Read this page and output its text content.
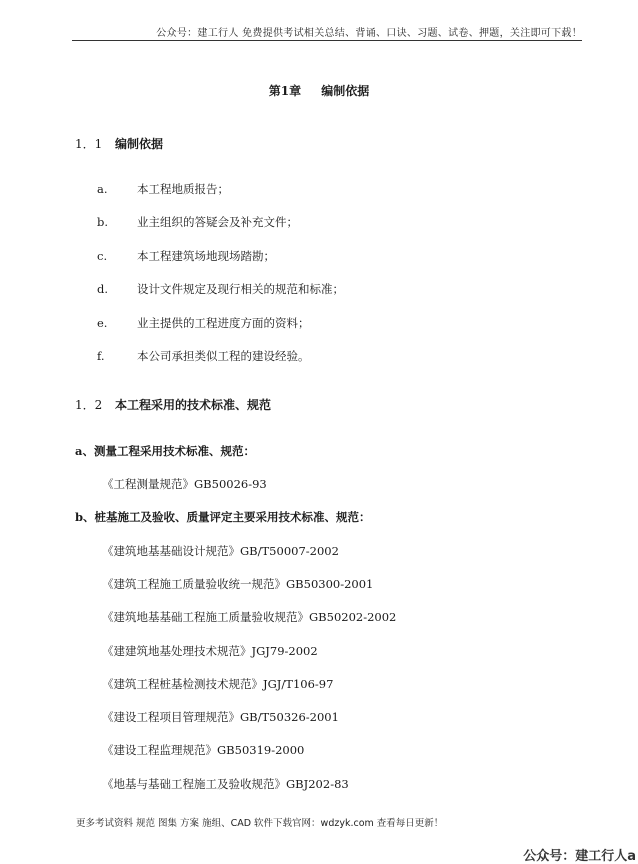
公众号：建工行人 免费提供考试相关总结、背诵、口诀、习题、试卷、押题，关注即可下载！
第1章 编制依据
1．1 编制依据
a.	本工程地质报告；
b.	业主组织的答疑会及补充文件；
c.	本工程建筑场地现场踏勘；
d.	设计文件规定及现行相关的规范和标准；
e.	业主提供的工程进度方面的资料；
f.	本公司承担类似工程的建设经验。
1．2 本工程采用的技术标准、规范
a、测量工程采用技术标准、规范：
《工程测量规范》GB50026-93
b、桩基施工及验收、质量评定主要采用技术标准、规范：
《建筑地基基础设计规范》GB/T50007-2002
《建筑工程施工质量验收统一规范》GB50300-2001
《建筑地基基础工程施工质量验收规范》GB50202-2002
《建建筑地基处理技术规范》JGJ79-2002
《建筑工程桩基检测技术规范》JGJ/T106-97
《建设工程项目管理规范》GB/T50326-2001
《建设工程监理规范》GB50319-2000
《地基与基础工程施工及验收规范》GBJ202-83
更多考试资料 规范 图集 方案 施组、CAD 软件下载官网：wdzyk.com 查看每日更新！
公众号：建工行人a
